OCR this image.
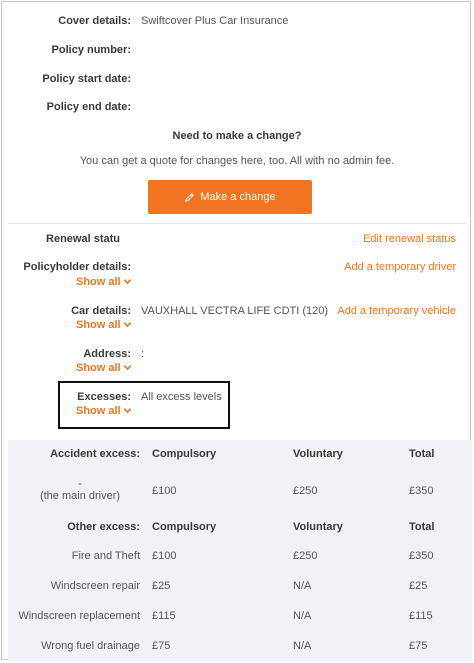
Cover details: Swiftcover Plus Car Insurance
Policy number:
Policy start date:
Policy end date:
Need to make a change?
You can get a quote for changes here, too. All with no admin fee.
Make a change
Renewal statu	Edit renewal status
Policyholder details:
Show all
Add a temporary driver
Car details: VAUXHALL VECTRA LIFE CDTI (120)
Show all
Add a temporary vehicle
Address: :
Show all
Excesses: All excess levels
Show all
Accident excess: Compulsory	Voluntary	Total
-
(the main driver)	£100	£250	£350
Other excess: Compulsory	Voluntary	Total
Fire and Theft £100	£250	£350
Windscreen repair £25	N/A	£25
Windscreen replacement £115	N/A	£115
Wrong fuel drainage £75	N/A	£75
